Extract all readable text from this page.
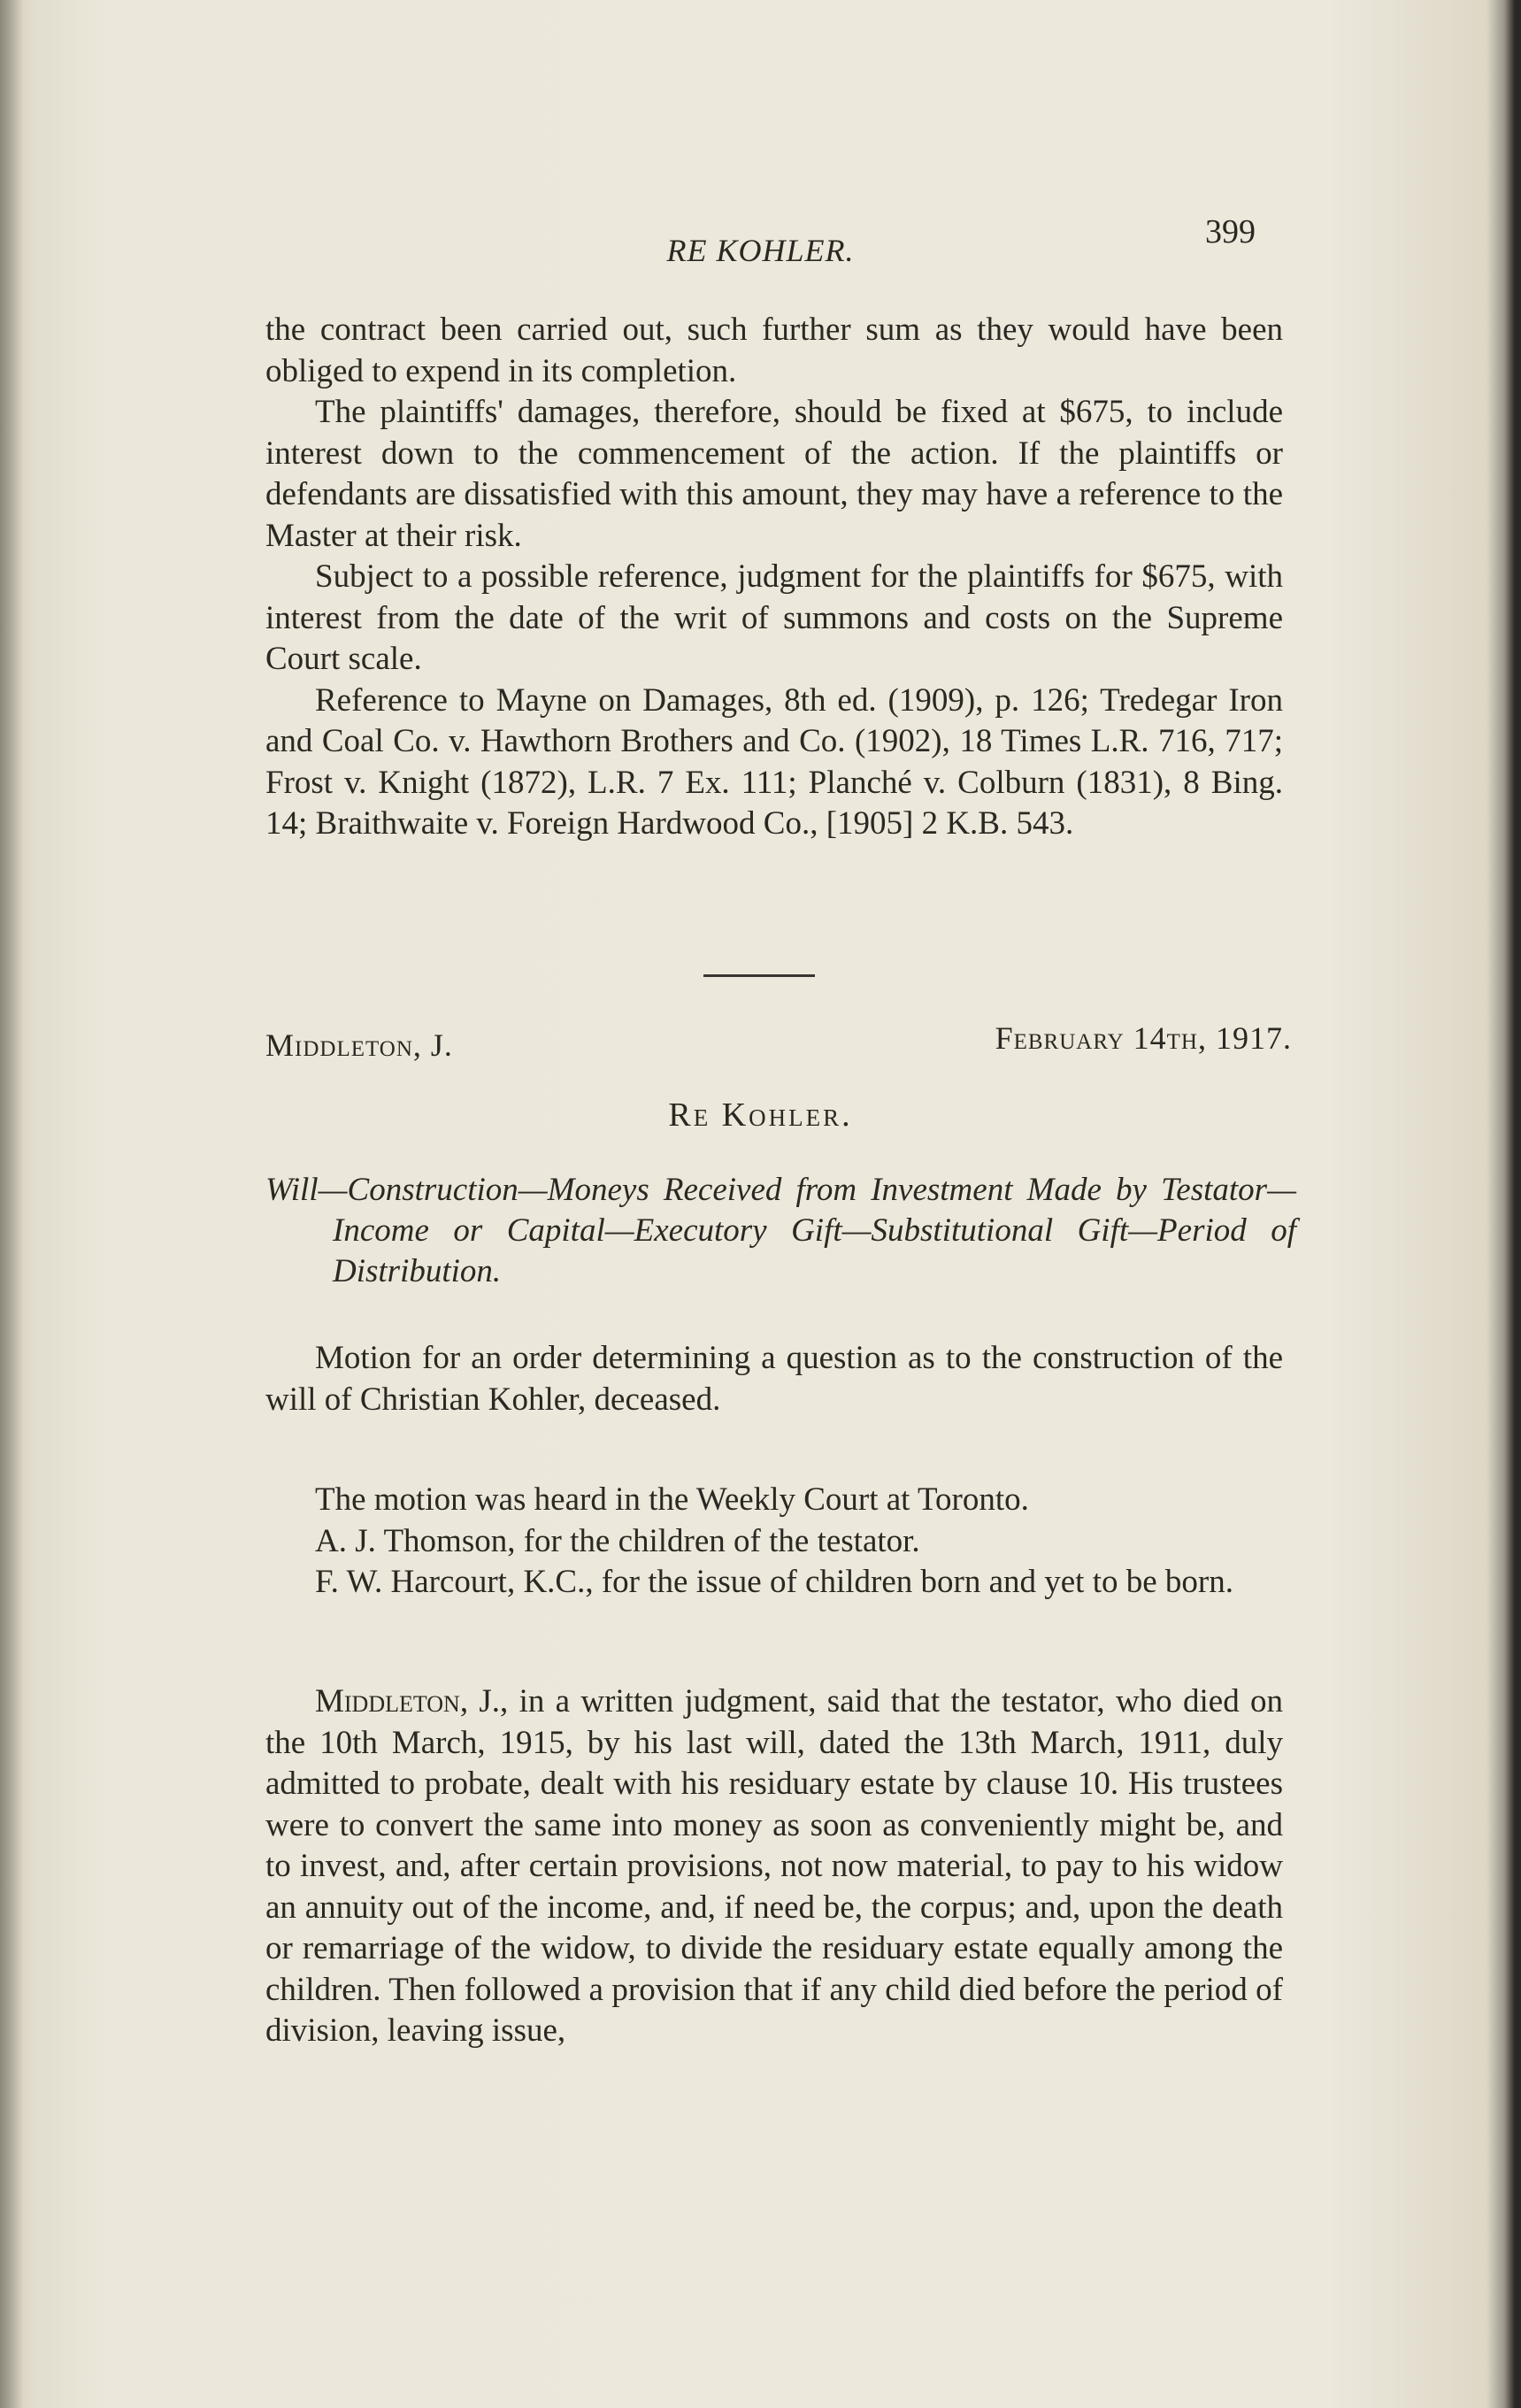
RE KOHLER.	399

the contract been carried out, such further sum as they would have been obliged to expend in its completion.

The plaintiffs' damages, therefore, should be fixed at $675, to include interest down to the commencement of the action. If the plaintiffs or defendants are dissatisfied with this amount, they may have a reference to the Master at their risk.

Subject to a possible reference, judgment for the plaintiffs for $675, with interest from the date of the writ of summons and costs on the Supreme Court scale.

Reference to Mayne on Damages, 8th ed. (1909), p. 126; Tredegar Iron and Coal Co. v. Hawthorn Brothers and Co. (1902), 18 Times L.R. 716, 717; Frost v. Knight (1872), L.R. 7 Ex. 111; Planché v. Colburn (1831), 8 Bing. 14; Braithwaite v. Foreign Hardwood Co., [1905] 2 K.B. 543.

Middleton, J.	February 14th, 1917.
Re Kohler.
Will—Construction—Moneys Received from Investment Made by Testator—Income or Capital—Executory Gift—Substitutional Gift—Period of Distribution.

Motion for an order determining a question as to the construction of the will of Christian Kohler, deceased.

The motion was heard in the Weekly Court at Toronto.

A. J. Thomson, for the children of the testator.

F. W. Harcourt, K.C., for the issue of children born and yet to be born.

Middleton, J., in a written judgment, said that the testator, who died on the 10th March, 1915, by his last will, dated the 13th March, 1911, duly admitted to probate, dealt with his residuary estate by clause 10. His trustees were to convert the same into money as soon as conveniently might be, and to invest, and, after certain provisions, not now material, to pay to his widow an annuity out of the income, and, if need be, the corpus; and, upon the death or remarriage of the widow, to divide the residuary estate equally among the children. Then followed a provision that if any child died before the period of division, leaving issue,
